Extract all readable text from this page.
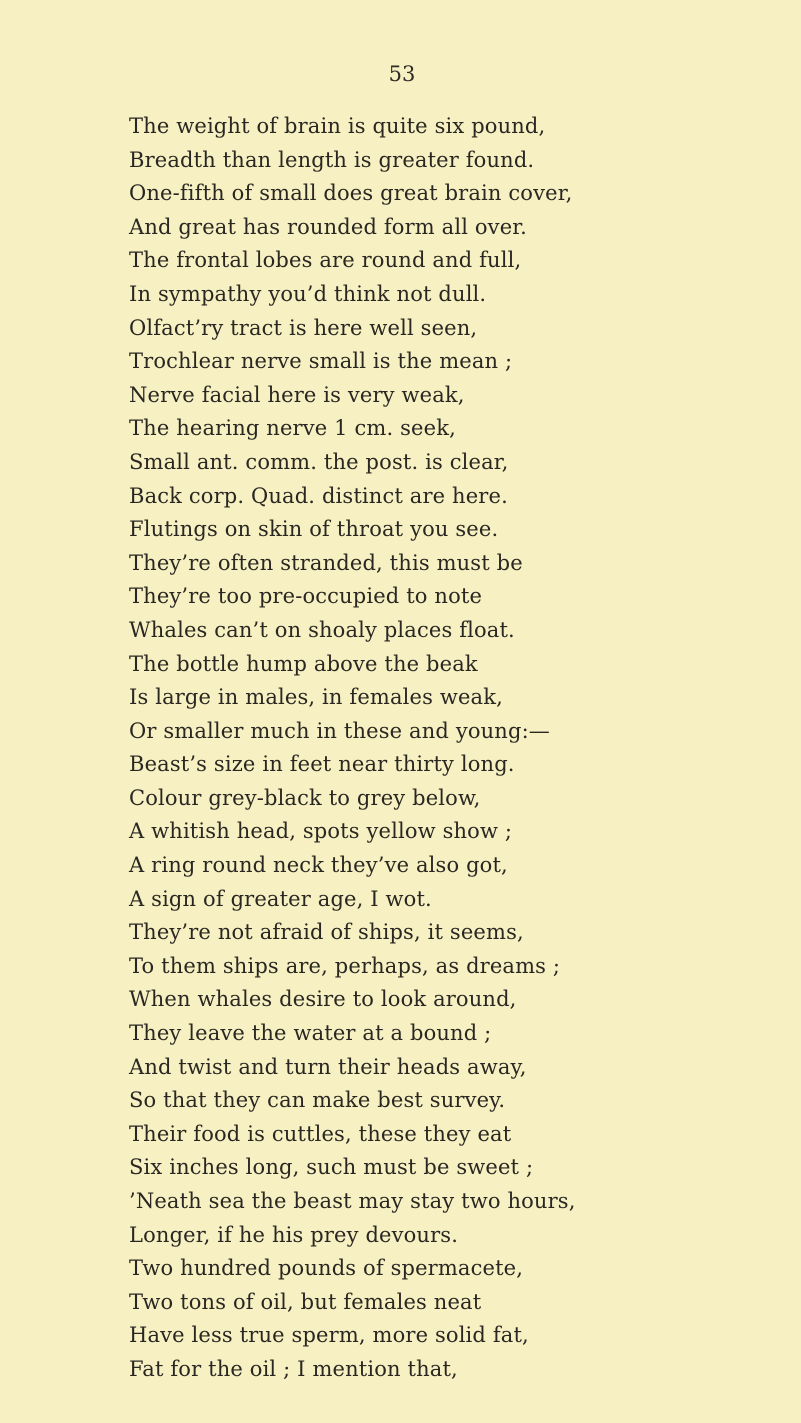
53
The weight of brain is quite six pound,
Breadth than length is greater found.
One-fifth of small does great brain cover,
And great has rounded form all over.
The frontal lobes are round and full,
In sympathy you’d think not dull.
Olfact’ry tract is here well seen,
Trochlear nerve small is the mean ;
Nerve facial here is very weak,
The hearing nerve 1 cm. seek,
Small ant. comm. the post. is clear,
Back corp. Quad. distinct are here.
Flutings on skin of throat you see.
They’re often stranded, this must be
They’re too pre-occupied to note
Whales can’t on shoaly places float.
The bottle hump above the beak
Is large in males, in females weak,
Or smaller much in these and young:—
Beast’s size in feet near thirty long.
Colour grey-black to grey below,
A whitish head, spots yellow show ;
A ring round neck they’ve also got,
A sign of greater age, I wot.
They’re not afraid of ships, it seems,
To them ships are, perhaps, as dreams ;
When whales desire to look around,
They leave the water at a bound ;
And twist and turn their heads away,
So that they can make best survey.
Their food is cuttles, these they eat
Six inches long, such must be sweet ;
’Neath sea the beast may stay two hours,
Longer, if he his prey devours.
Two hundred pounds of spermacete,
Two tons of oil, but females neat
Have less true sperm, more solid fat,
Fat for the oil ; I mention that,
